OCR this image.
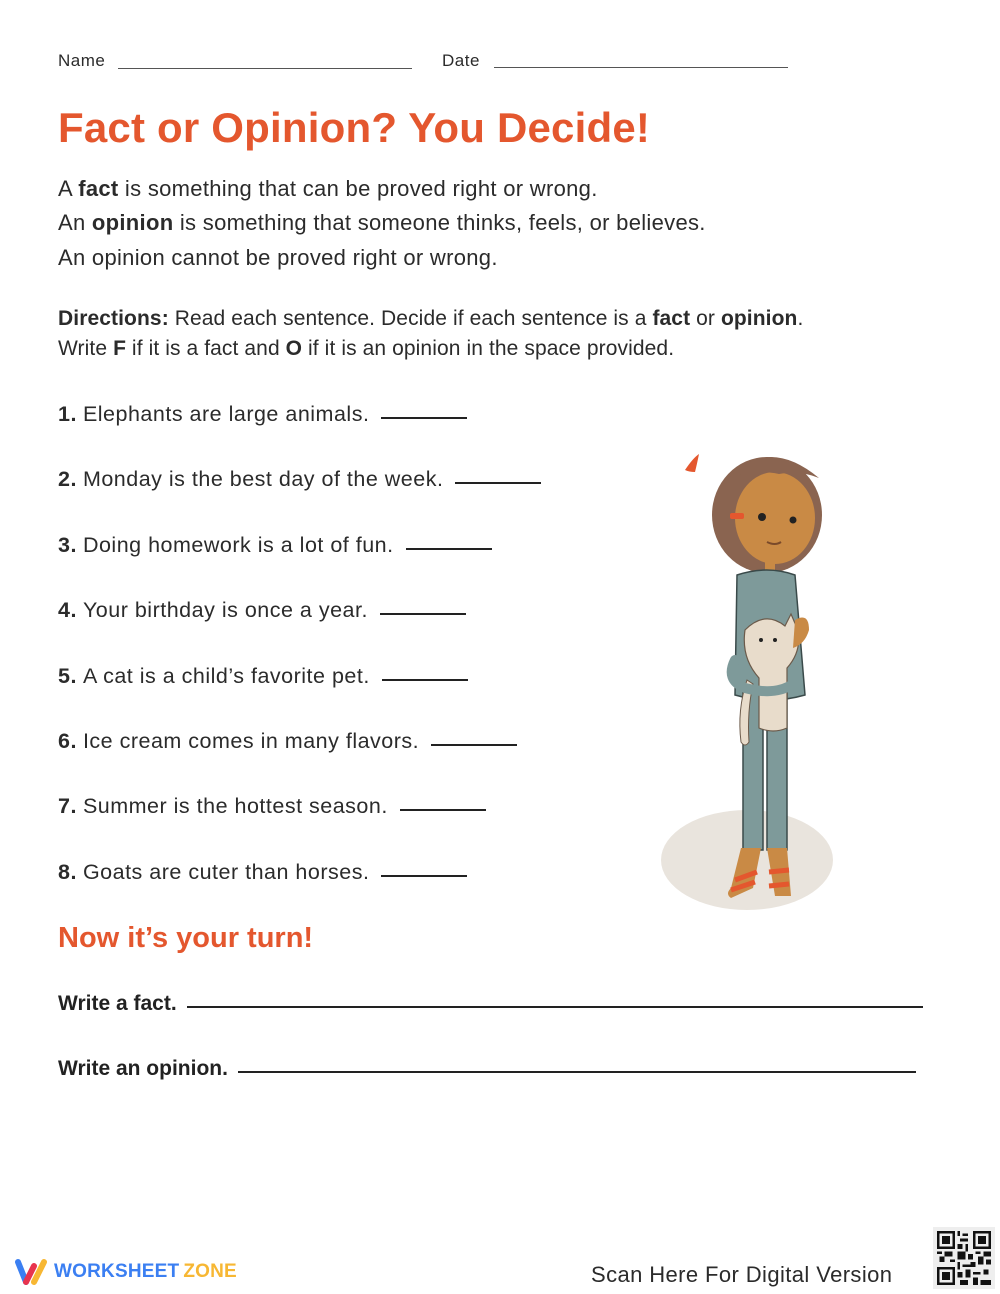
Name	Date
Fact or Opinion? You Decide!
A fact is something that can be proved right or wrong.
An opinion is something that someone thinks, feels, or believes.
An opinion cannot be proved right or wrong.
Directions: Read each sentence. Decide if each sentence is a fact or opinion.
Write F if it is a fact and O if it is an opinion in the space provided.
1. Elephants are large animals.
2. Monday is the best day of the week.
3. Doing homework is a lot of fun.
4. Your birthday is once a year.
5. A cat is a child’s favorite pet.
6. Ice cream comes in many flavors.
7. Summer is the hottest season.
8. Goats are cuter than horses.
Now it’s your turn!
Write a fact.
Write an opinion.
WORKSHEET ZONE	Scan Here For Digital Version
